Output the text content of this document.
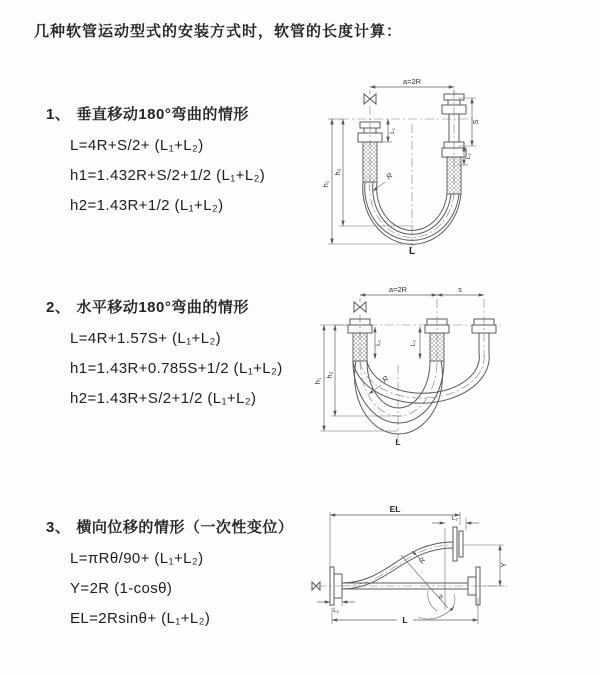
几种软管运动型式的安装方式时，软管的长度计算：
1、 垂直移动180°弯曲的情形
L=4R+S/2+ (L₁+L₂)
h1=1.432R+S/2+1/2 (L₁+L₂)
h2=1.43R+1/2 (L₁+L₂)
2、 水平移动180°弯曲的情形
L=4R+1.57S+ (L₁+L₂)
h1=1.43R+0.785S+1/2 (L₁+L₂)
h2=1.43R+S/2+1/2 (L₁+L₂)
3、 横向位移的情形（一次性变位）
L=πRθ/90+ (L₁+L₂)
Y=2R (1-cosθ)
EL=2Rsinθ+ (L₁+L₂)
a=2R
h₁
h₂
L₁
S
L₂
R
L
a=2R	s
h₁
h₂
L₁	L₂
R
L
EL
L₂
θ
R	Y
L₁
L
